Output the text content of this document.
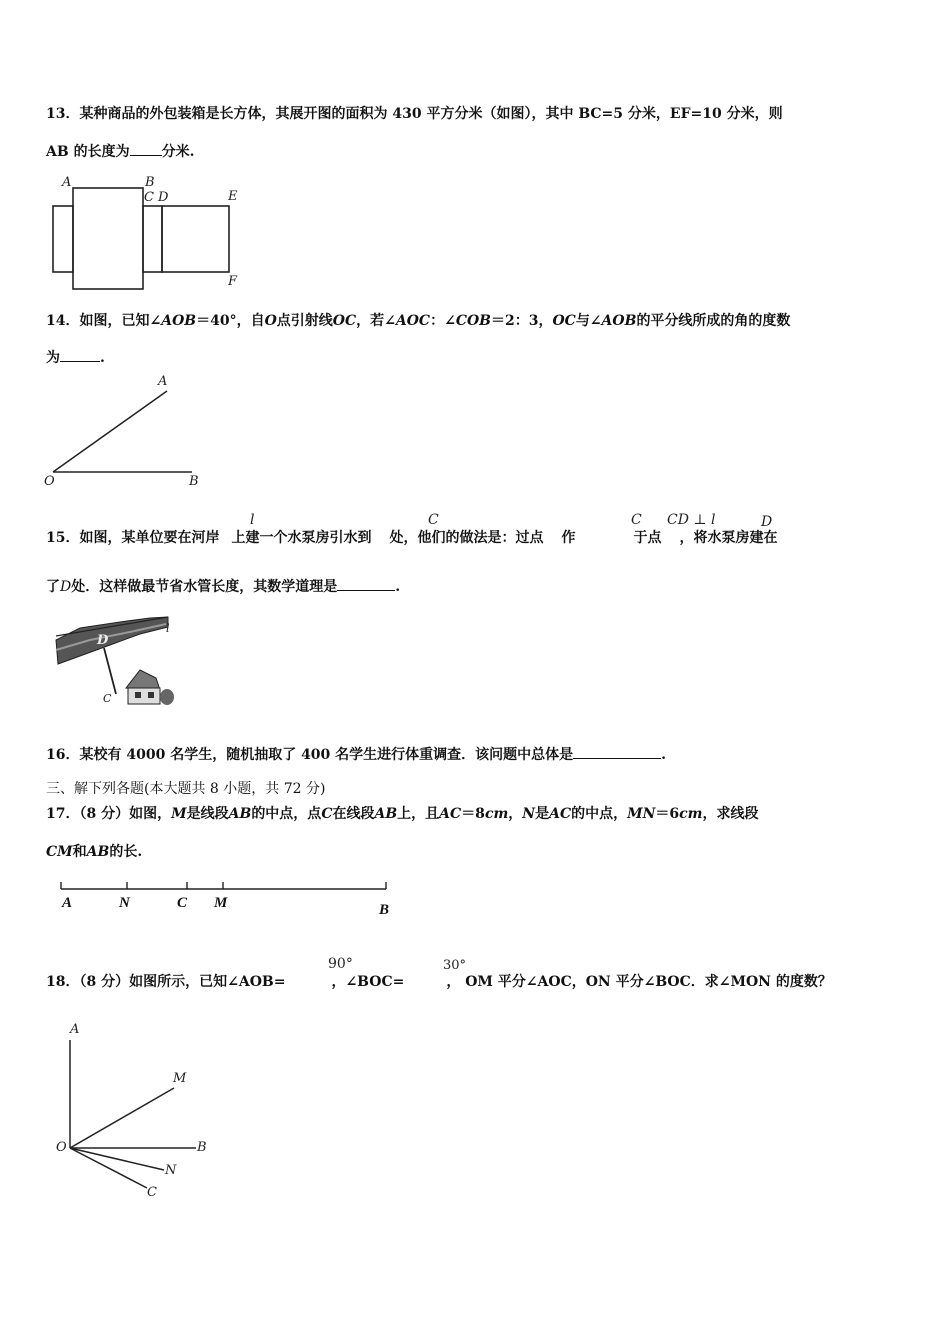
13．某种商品的外包装箱是长方体，其展开图的面积为 430 平方分米（如图），其中 BC=5 分米，EF=10 分米，则
AB 的长度为 分米.
A	B
C D	E
F
14．如图，已知∠AOB＝40°，自O点引射线OC，若∠AOC：∠COB＝2：3，OC与∠AOB的平分线所成的角的度数
为	.
A
O	B
15．如图，某单位要在河岸 上建一个水泵房引水到 处，他们的做法是：过点 作	于点 ，将水泵房建在
l	C	C CD ⊥ l	D
了D处．这样做最节省水管长度，其数学道理是	.
D
C
l
16．某校有 4000 名学生，随机抽取了 400 名学生进行体重调查．该问题中总体是	.
三、解下列各题(本大题共 8 小题，共 72 分)
17．（8 分）如图，M是线段AB的中点，点C在线段AB上，且AC＝8cm，N是AC的中点，MN＝6cm，求线段
CM和AB的长.
A	N	C M	B
18．（8 分）如图所示，已知∠AOB=	，∠BOC=	， OM 平分∠AOC，ON 平分∠BOC．求∠MON 的度数？
90°	30°
A
M
O	B
N
C
